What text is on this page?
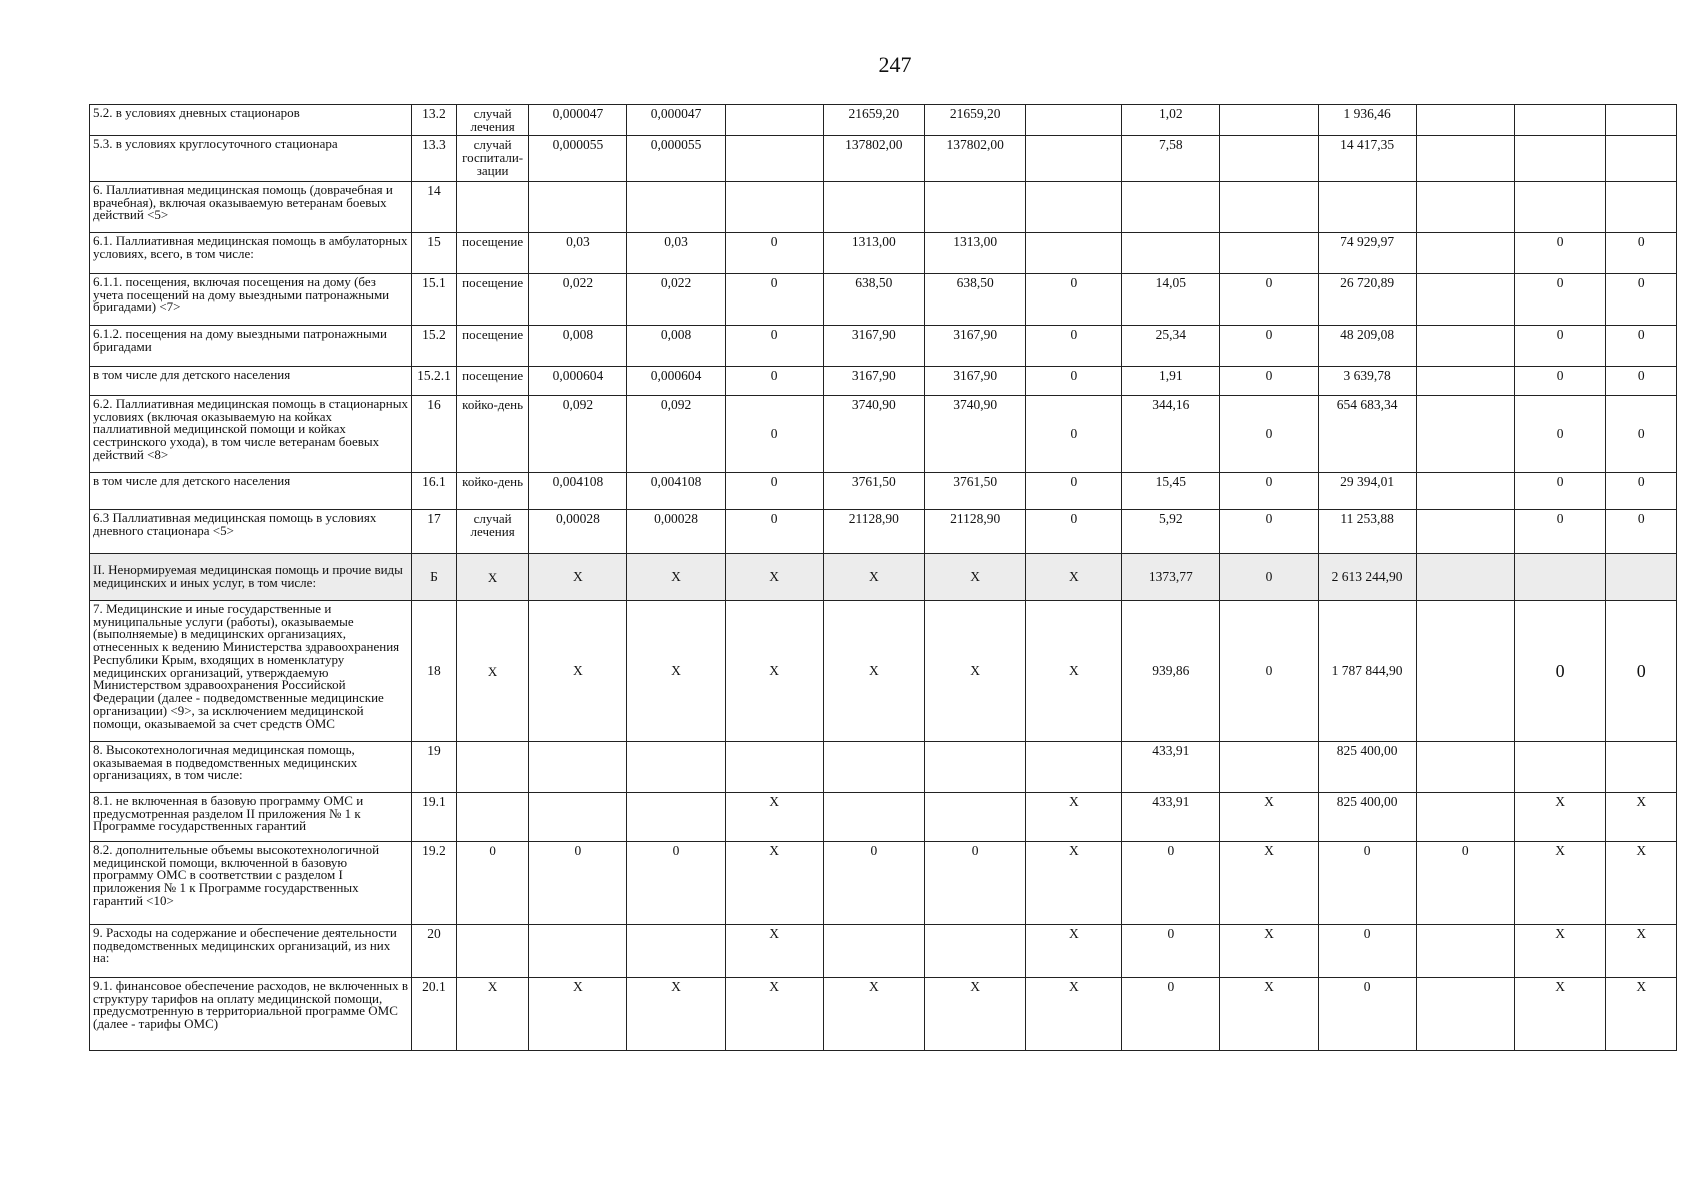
247
5.2. в условиях дневных стационаров	13.2	случай лечения	0,000047	0,000047		21659,20	21659,20		1,02		1 936,46			
5.3. в условиях круглосуточного стационара	13.3	случай госпитали-зации	0,000055	0,000055		137802,00	137802,00		7,58		14 417,35			
6. Паллиативная медицинская помощь (доврачебная и врачебная), включая оказываемую ветеранам боевых действий <5>	14													
6.1. Паллиативная медицинская помощь в амбулаторных условиях, всего, в том числе:	15	посещение	0,03	0,03	0	1313,00	1313,00				74 929,97		0	0
6.1.1. посещения, включая посещения на дому (без учета посещений на дому выездными патронажными бригадами) <7>	15.1	посещение	0,022	0,022	0	638,50	638,50	0	14,05	0	26 720,89		0	0
6.1.2. посещения на дому выездными патронажными бригадами	15.2	посещение	0,008	0,008	0	3167,90	3167,90	0	25,34	0	48 209,08		0	0
в том числе для детского населения	15.2.1	посещение	0,000604	0,000604	0	3167,90	3167,90	0	1,91	0	3 639,78		0	0
6.2. Паллиативная медицинская помощь в стационарных условиях (включая оказываемую на койках паллиативной медицинской помощи и койках сестринского ухода), в том числе ветеранам боевых действий <8>	16	койко-день	0,092	0,092	0	3740,90	3740,90	0	344,16	0	654 683,34		0	0
в том числе для детского населения	16.1	койко-день	0,004108	0,004108	0	3761,50	3761,50	0	15,45	0	29 394,01		0	0
6.3 Паллиативная медицинская помощь в условиях дневного стационара <5>	17	случай лечения	0,00028	0,00028	0	21128,90	21128,90	0	5,92	0	11 253,88		0	0
II. Ненормируемая медицинская помощь и прочие виды медицинских и иных услуг, в том числе:	Б	X	X	X	X	X	X	X	1373,77	0	2 613 244,90			
7. Медицинские и иные государственные и муниципальные услуги (работы), оказываемые (выполняемые) в медицинских организациях, отнесенных к ведению Министерства здравоохранения Республики Крым, входящих в номенклатуру медицинских организаций, утверждаемую Министерством здравоохранения Российской Федерации (далее - подведомственные медицинские организации) <9>, за исключением медицинской помощи, оказываемой за счет средств ОМС	18	X	X	X	X	X	X	X	939,86	0	1 787 844,90		0	0
8. Высокотехнологичная медицинская помощь, оказываемая в подведомственных медицинских организациях, в том числе:	19								433,91		825 400,00			
8.1. не включенная в базовую программу ОМС и предусмотренная разделом II приложения № 1 к Программе государственных гарантий	19.1				X			X	433,91	X	825 400,00		X	X
8.2. дополнительные объемы высокотехнологичной медицинской помощи, включенной в базовую программу ОМС в соответствии с разделом I приложения № 1 к Программе государственных гарантий <10>	19.2	0	0	0	X	0	0	X	0	X	0	0	X	X
9. Расходы на содержание и обеспечение деятельности подведомственных медицинских организаций, из них на:	20				X			X	0	X	0		X	X
9.1. финансовое обеспечение расходов, не включенных в структуру тарифов на оплату медицинской помощи, предусмотренную в территориальной программе ОМС (далее - тарифы ОМС)	20.1	X	X	X	X	X	X	X	0	X	0		X	X
